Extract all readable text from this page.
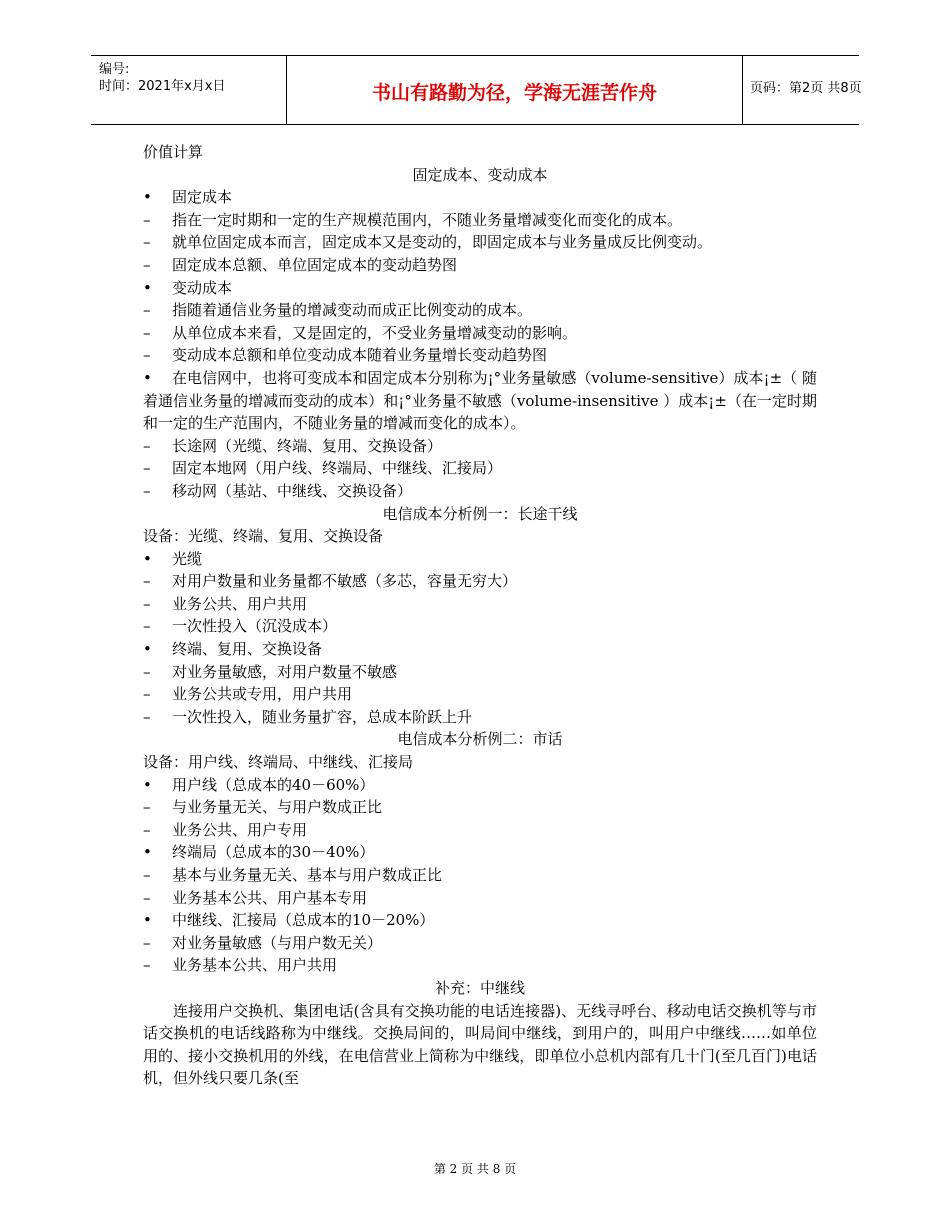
编号:
时间：2021年x月x日	书山有路勤为径，学海无涯苦作舟	页码：第2页 共8页
价值计算
固定成本、变动成本
• 固定成本
– 指在一定时期和一定的生产规模范围内，不随业务量增减变化而变化的成本。
– 就单位固定成本而言，固定成本又是变动的，即固定成本与业务量成反比例变动。
– 固定成本总额、单位固定成本的变动趋势图
• 变动成本
– 指随着通信业务量的增减变动而成正比例变动的成本。
– 从单位成本来看，又是固定的，不受业务量增减变动的影响。
– 变动成本总额和单位变动成本随着业务量增长变动趋势图
• 在电信网中，也将可变成本和固定成本分别称为¡°业务量敏感（volume-sensitive）成本¡±（ 随着通信业务量的增减而变动的成本）和¡°业务量不敏感（volume-insensitive ）成本¡±（在一定时期和一定的生产范围内，不随业务量的增减而变化的成本）。
– 长途网（光缆、终端、复用、交换设备）
– 固定本地网（用户线、终端局、中继线、汇接局）
– 移动网（基站、中继线、交换设备）
电信成本分析例一：长途干线
设备：光缆、终端、复用、交换设备
• 光缆
– 对用户数量和业务量都不敏感（多芯，容量无穷大）
– 业务公共、用户共用
– 一次性投入（沉没成本）
• 终端、复用、交换设备
– 对业务量敏感，对用户数量不敏感
– 业务公共或专用，用户共用
– 一次性投入，随业务量扩容，总成本阶跃上升
电信成本分析例二：市话
设备：用户线、终端局、中继线、汇接局
• 用户线（总成本的40－60%）
– 与业务量无关、与用户数成正比
– 业务公共、用户专用
• 终端局（总成本的30－40%）
– 基本与业务量无关、基本与用户数成正比
– 业务基本公共、用户基本专用
• 中继线、汇接局（总成本的10－20%）
– 对业务量敏感（与用户数无关）
– 业务基本公共、用户共用
补充：中继线
连接用户交换机、集团电话(含具有交换功能的电话连接器)、无线寻呼台、移动电话交换机等与市话交换机的电话线路称为中继线。交换局间的，叫局间中继线，到用户的，叫用户中继线……如单位用的、接小交换机用的外线，在电信营业上简称为中继线，即单位小总机内部有几十门(至几百门)电话机，但外线只要几条(至
第 2 页 共 8 页
